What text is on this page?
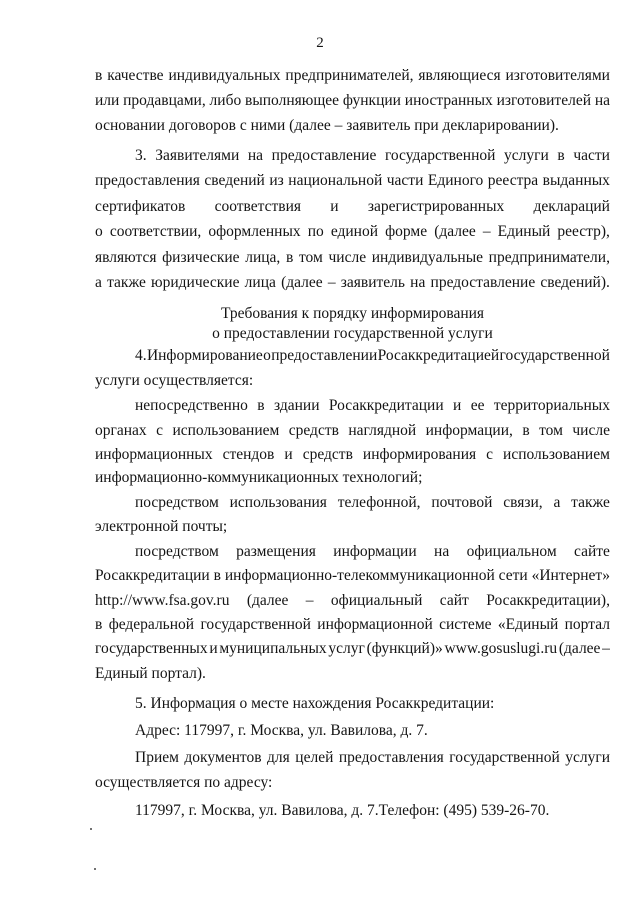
2
в качестве индивидуальных предпринимателей, являющиеся изготовителями
или продавцами, либо выполняющее функции иностранных изготовителей на
основании договоров с ними (далее – заявитель при декларировании).
3. Заявителями на предоставление государственной услуги в части
предоставления сведений из национальной части Единого реестра выданных
сертификатов соответствия и зарегистрированных деклараций
о соответствии, оформленных по единой форме (далее – Единый реестр),
являются физические лица, в том числе индивидуальные предприниматели,
а также юридические лица (далее – заявитель на предоставление сведений).
Требования к порядку информирования
о предоставлении государственной услуги
4. Информирование о предоставлении Росаккредитацией государственной
услуги осуществляется:
непосредственно в здании Росаккредитации и ее территориальных
органах с использованием средств наглядной информации, в том числе
информационных стендов и средств информирования с использованием
информационно-коммуникационных технологий;
посредством использования телефонной, почтовой связи, а также
электронной почты;
посредством размещения информации на официальном сайте
Росаккредитации в информационно-телекоммуникационной сети «Интернет»
http://www.fsa.gov.ru (далее – официальный сайт Росаккредитации),
в федеральной государственной информационной системе «Единый портал
государственных и муниципальных услуг (функций)» www.gosuslugi.ru (далее –
Единый портал).
5. Информация о месте нахождения Росаккредитации:
Адрес: 117997, г. Москва, ул. Вавилова, д. 7.
Прием документов для целей предоставления государственной услуги
осуществляется по адресу:
117997, г. Москва, ул. Вавилова, д. 7.Телефон: (495) 539-26-70.
